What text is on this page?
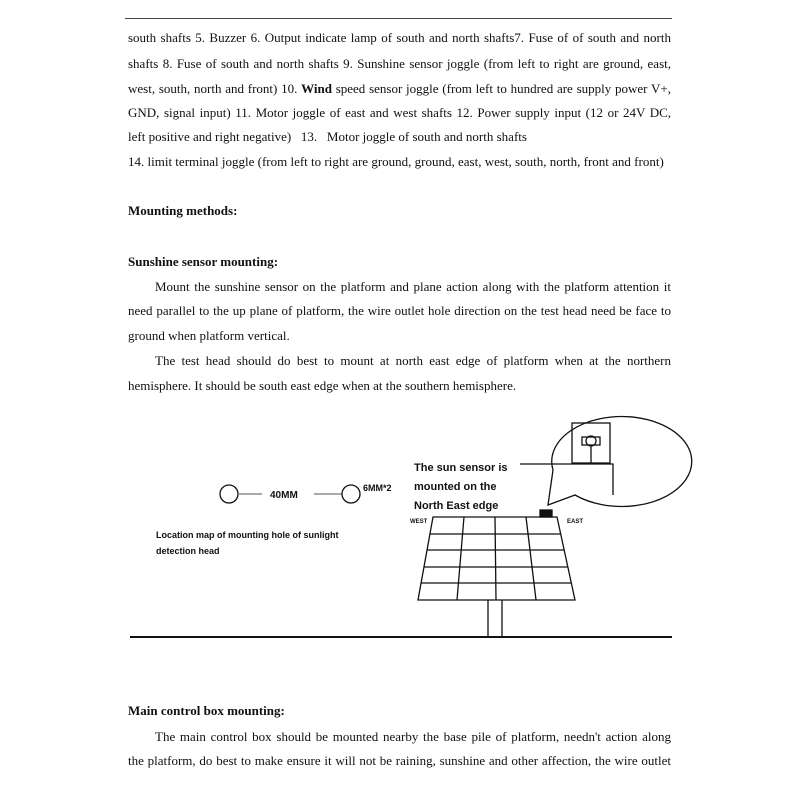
south shafts 5. Buzzer 6. Output indicate lamp of south and north shafts7. Fuse of of south and north
shafts 8. Fuse of south and north shafts 9. Sunshine sensor joggle (from left to right are ground, east,
west, south, north and front) 10. Wind speed sensor joggle (from left to hundred are supply power V+,
GND, signal input) 11. Motor joggle of east and west shafts 12. Power supply input (12 or 24V DC,
left positive and right negative)   13.   Motor joggle of south and north shafts
14. limit terminal joggle (from left to right are ground, ground, east, west, south, north, front and front)
Mounting methods:
Sunshine sensor mounting:
Mount the sunshine sensor on the platform and plane action along with the platform attention it
need parallel to the up plane of platform, the wire outlet hole direction on the test head need be face to
ground when platform vertical.
The test head should do best to mount at north east edge of platform when at the northern
hemisphere. It should be south east edge when at the southern hemisphere.
40MM
6MM*2
Location map of mounting hole of sunlight
detection head
The sun sensor is
mounted on the
North East edge
WEST	EAST
Main control box mounting:
The main control box should be mounted nearby the base pile of platform, needn't action along
the platform, do best to make ensure it will not be raining, sunshine and other affection, the wire outlet
